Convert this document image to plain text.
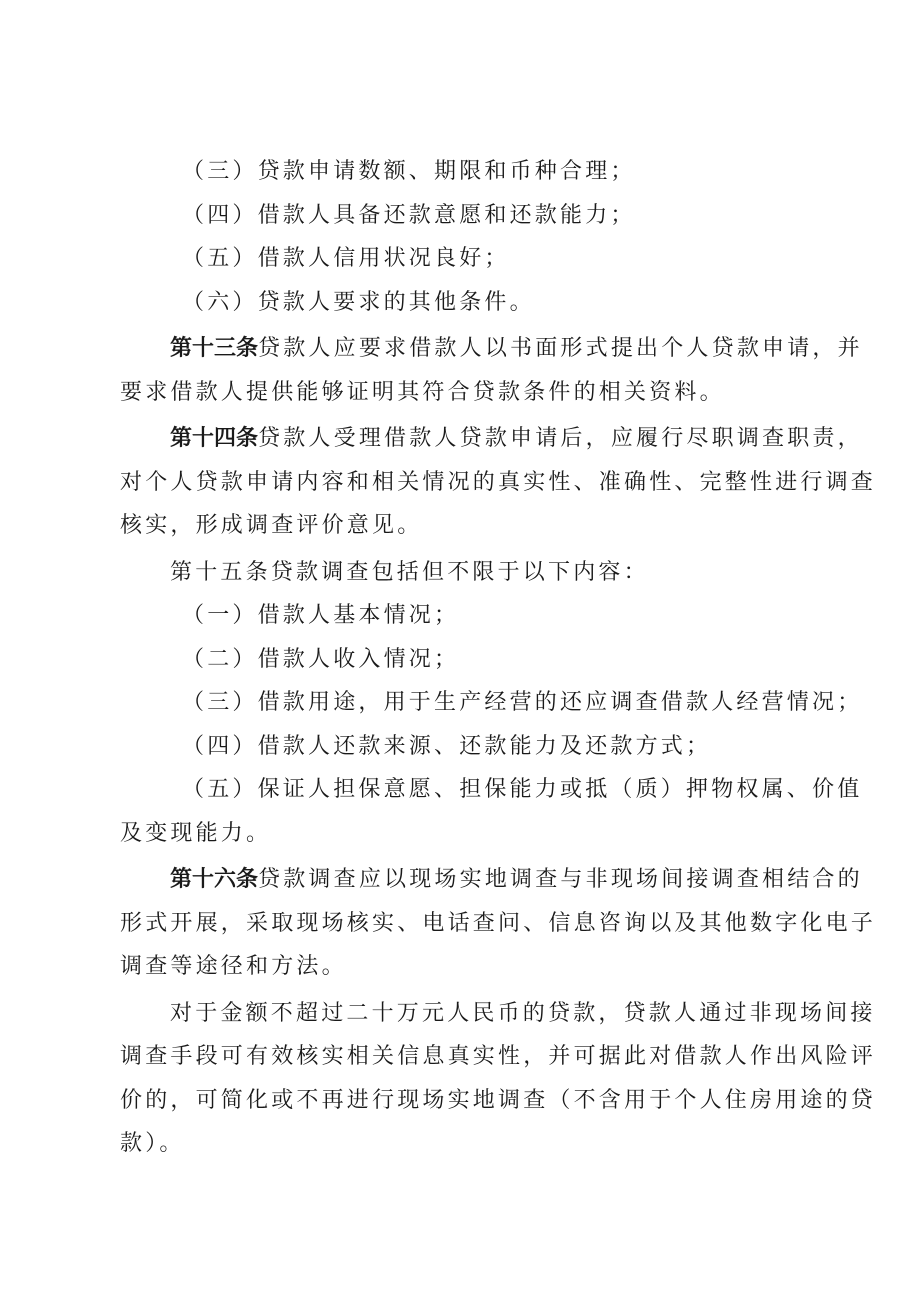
（三）贷款申请数额、期限和币种合理；
（四）借款人具备还款意愿和还款能力；
（五）借款人信用状况良好；
（六）贷款人要求的其他条件。
第十三条贷款人应要求借款人以书面形式提出个人贷款申请，并
要求借款人提供能够证明其符合贷款条件的相关资料。
第十四条贷款人受理借款人贷款申请后，应履行尽职调查职责，
对个人贷款申请内容和相关情况的真实性、准确性、完整性进行调查
核实，形成调查评价意见。
第十五条贷款调查包括但不限于以下内容：
（一）借款人基本情况；
（二）借款人收入情况；
（三）借款用途，用于生产经营的还应调查借款人经营情况；
（四）借款人还款来源、还款能力及还款方式；
（五）保证人担保意愿、担保能力或抵（质）押物权属、价值
及变现能力。
第十六条贷款调查应以现场实地调查与非现场间接调查相结合的
形式开展，采取现场核实、电话查问、信息咨询以及其他数字化电子
调查等途径和方法。
对于金额不超过二十万元人民币的贷款，贷款人通过非现场间接
调查手段可有效核实相关信息真实性，并可据此对借款人作出风险评
价的，可简化或不再进行现场实地调查（不含用于个人住房用途的贷
款）。
